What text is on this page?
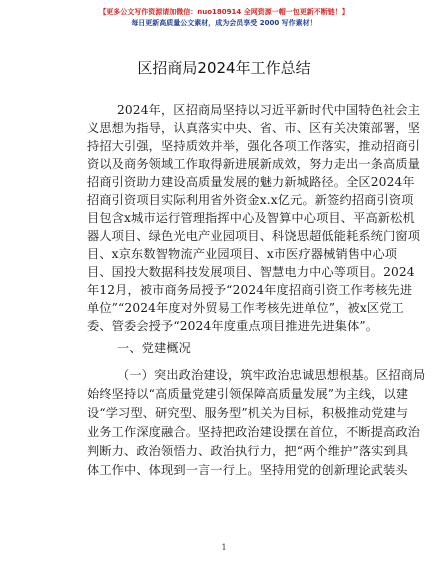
【更多公文写作资源请加微信：nuo180914 全网资源一帽一包更新不断链！】
每日更新高质量公文素材，成为会员享受 2000 写作素材！
区招商局2024年工作总结
2024年，区招商局坚持以习近平新时代中国特色社会主
义思想为指导，认真落实中央、省、市、区有关决策部署，坚
持招大引强，坚持质效并举，强化各项工作落实，推动招商引
资以及商务领域工作取得新进展新成效，努力走出一条高质量
招商引资助力建设高质量发展的魅力新城路径。全区2024年
招商引资项目实际利用省外资金x.x亿元。新签约招商引资项
目包含x城市运行管理指挥中心及智算中心项目、平高新松机
器人项目、绿色光电产业园项目、科饶思超低能耗系统门窗项
目、x京东数智物流产业园项目、x市医疗器械销售中心项
目、国投大数据科技发展项目、智慧电力中心等项目。2024
年12月，被市商务局授予“2024年度招商引资工作考核先进
单位”“2024年度对外贸易工作考核先进单位”，被x区党工
委、管委会授予“2024年度重点项目推进先进集体”。
一、党建概况
（一）突出政治建设，筑牢政治忠诚思想根基。区招商局
始终坚持以“高质量党建引领保障高质量发展”为主线，以建
设“学习型、研究型、服务型”机关为目标，积极推动党建与
业务工作深度融合。坚持把政治建设摆在首位，不断提高政治
判断力、政治领悟力、政治执行力，把“两个维护”落实到具
体工作中、体现到一言一行上。坚持用党的创新理论武装头
1
